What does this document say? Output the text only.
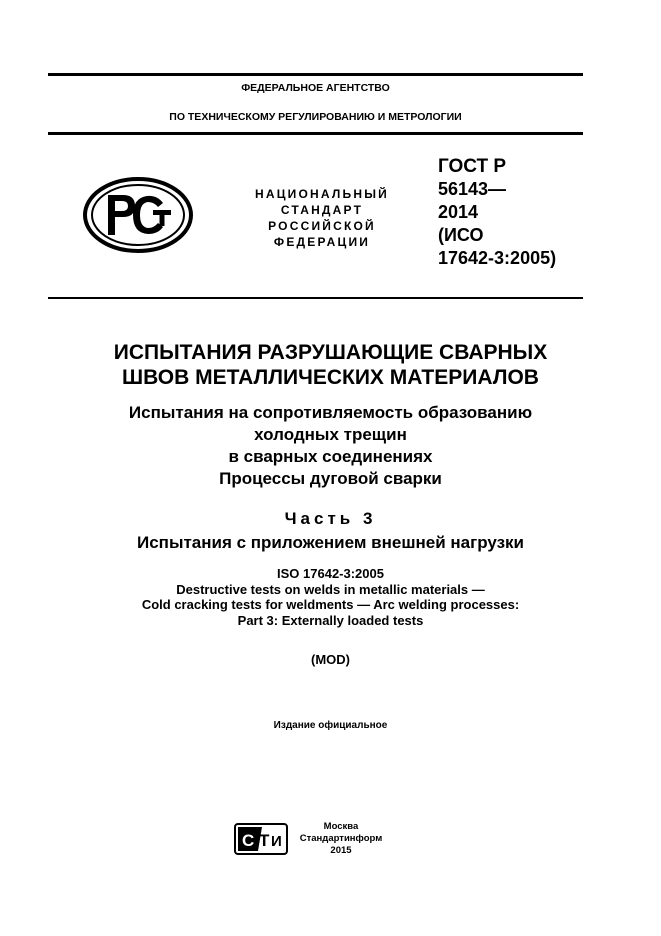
ФЕДЕРАЛЬНОЕ АГЕНТСТВО
ПО ТЕХНИЧЕСКОМУ РЕГУЛИРОВАНИЮ И МЕТРОЛОГИИ
НАЦИОНАЛЬНЫЙ
СТАНДАРТ
РОССИЙСКОЙ
ФЕДЕРАЦИИ
ГОСТ Р
56143—
2014
(ИСО
17642-3:2005)
ИСПЫТАНИЯ РАЗРУШАЮЩИЕ СВАРНЫХ
ШВОВ МЕТАЛЛИЧЕСКИХ МАТЕРИАЛОВ
Испытания на сопротивляемость образованию
холодных трещин
в сварных соединениях
Процессы дуговой сварки
Часть 3
Испытания с приложением внешней нагрузки
ISO 17642-3:2005
Destructive tests on welds in metallic materials —
Cold cracking tests for weldments — Arc welding processes:
Part 3: Externally loaded tests
(MOD)
Издание официальное
С Т И
Москва
Стандартинформ
2015
